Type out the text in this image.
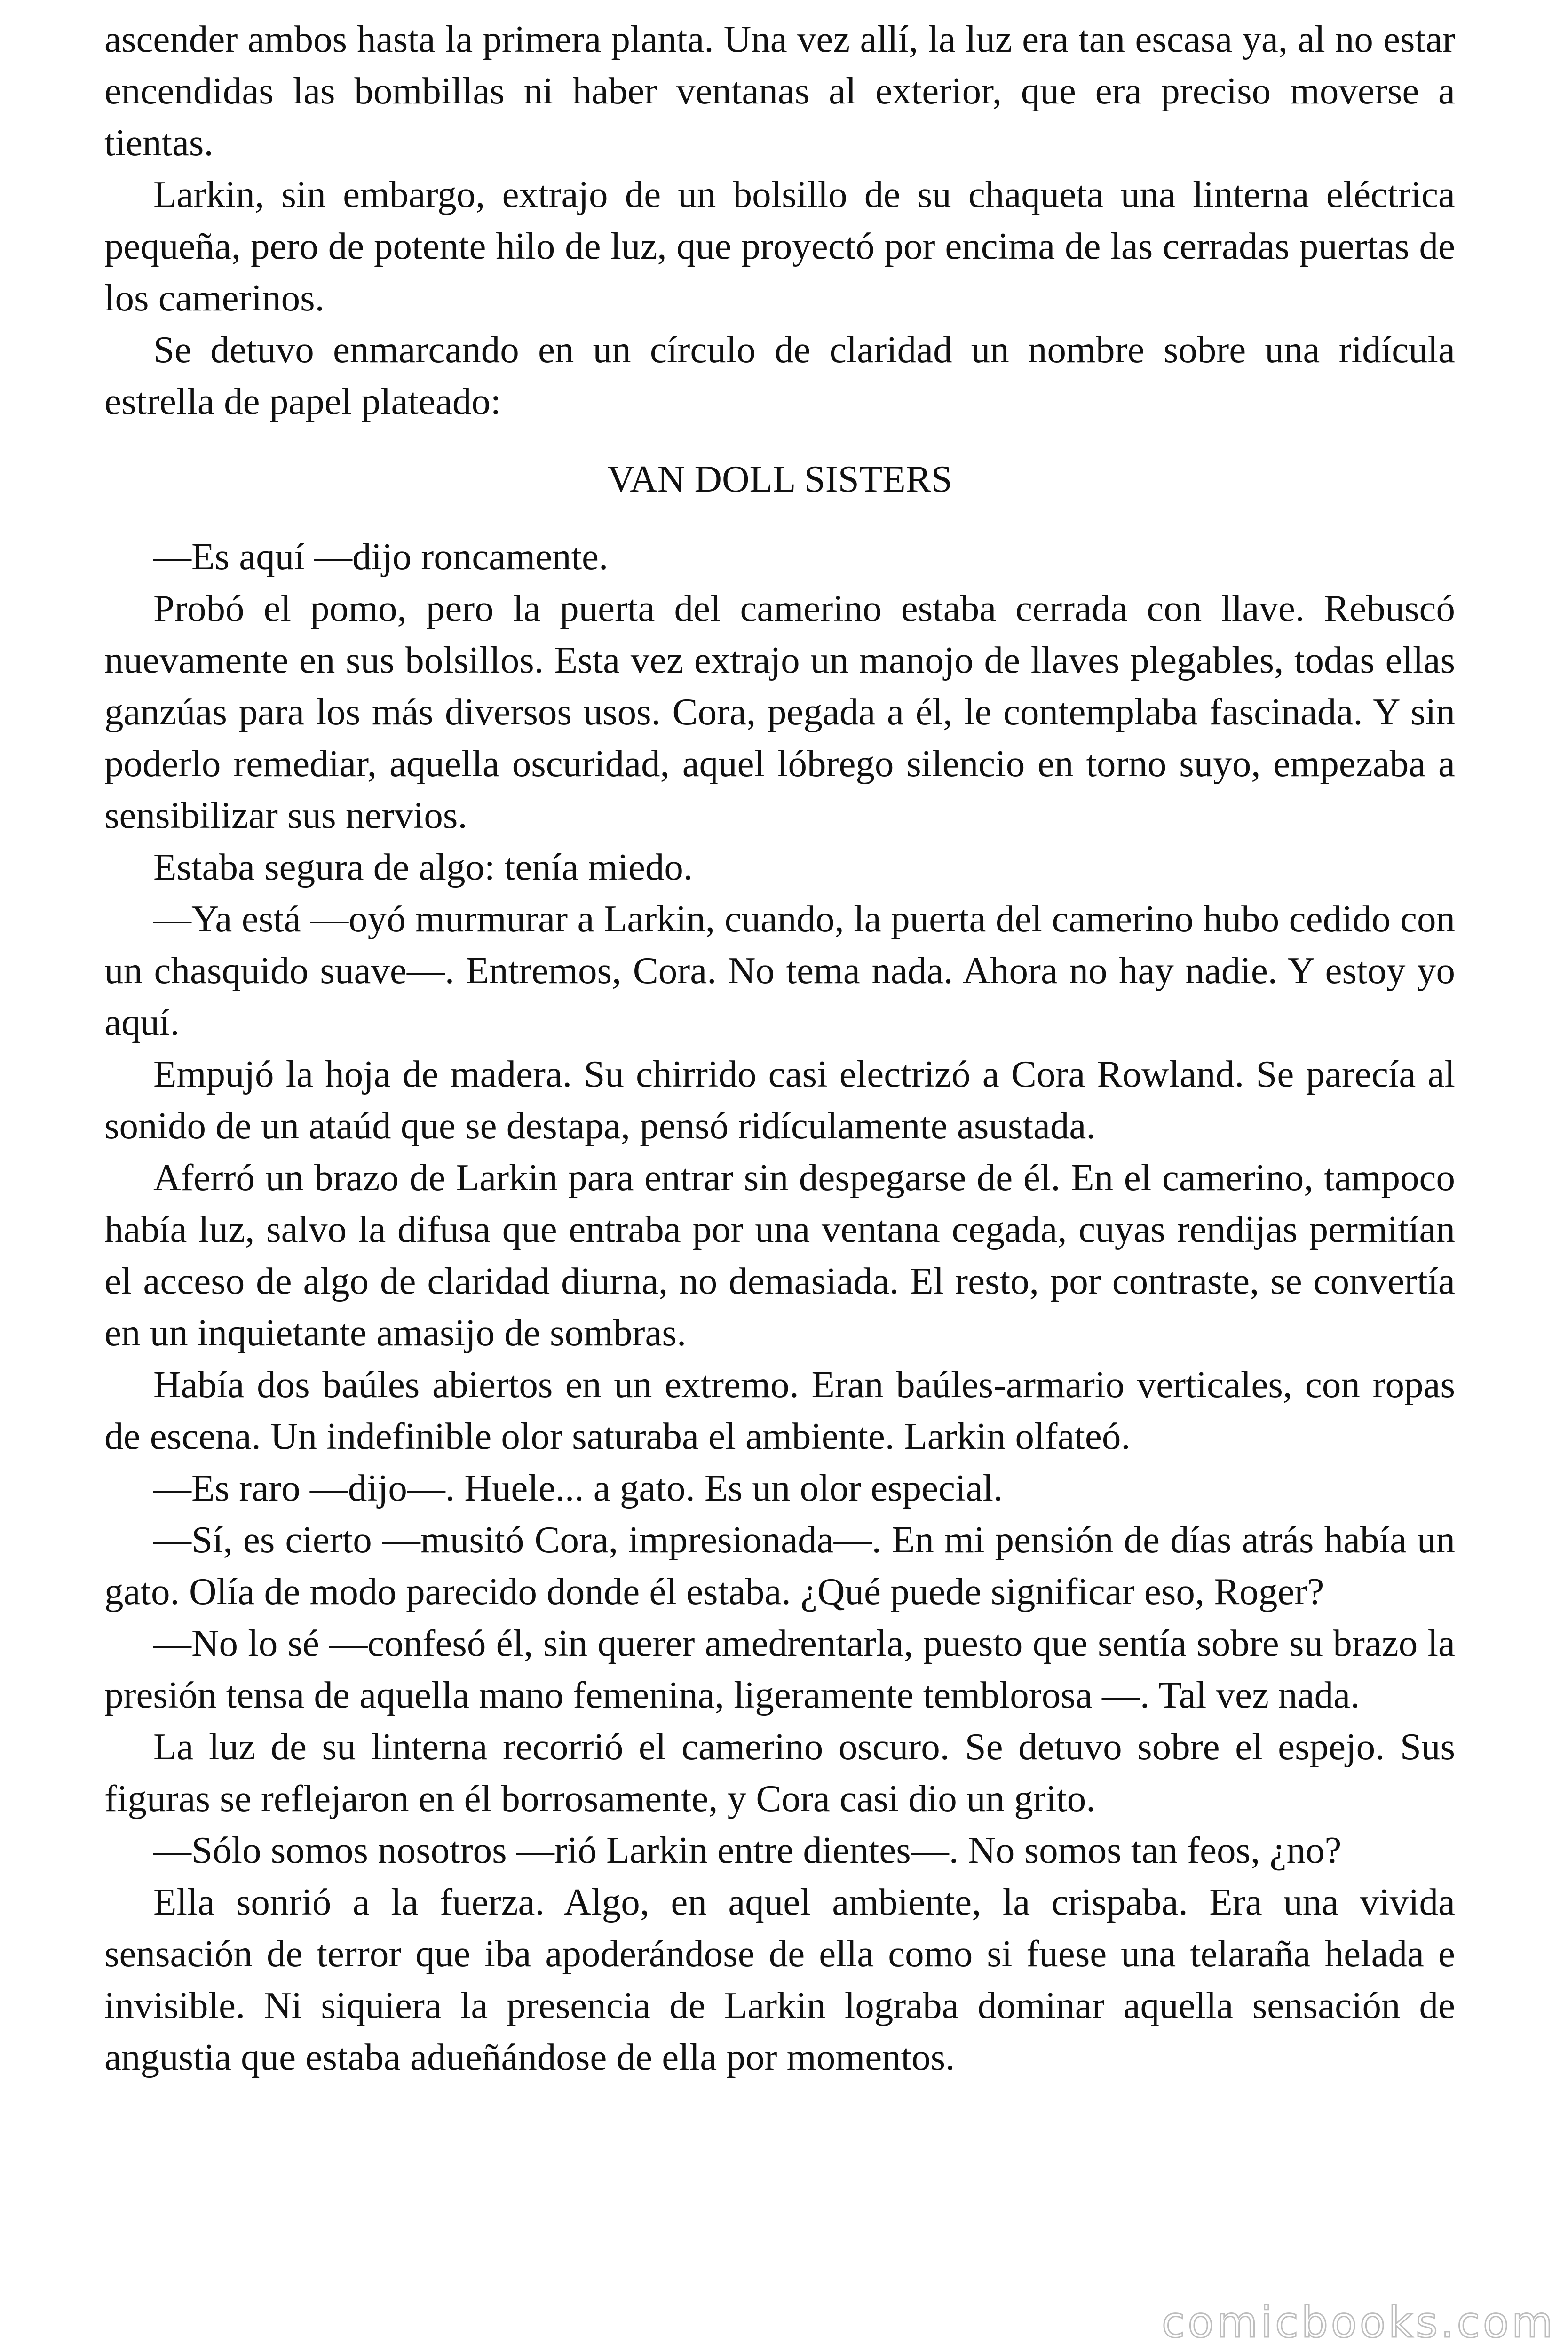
ascender ambos hasta la primera planta. Una vez allí, la luz era tan escasa ya, al no estar encendidas las bombillas ni haber ventanas al exterior, que era preciso moverse a tientas.

Larkin, sin embargo, extrajo de un bolsillo de su chaqueta una linterna eléctrica pequeña, pero de potente hilo de luz, que proyectó por encima de las cerradas puertas de los camerinos.

Se detuvo enmarcando en un círculo de claridad un nombre sobre una ridícula estrella de papel plateado:

VAN DOLL SISTERS

—Es aquí —dijo roncamente.

Probó el pomo, pero la puerta del camerino estaba cerrada con llave. Rebuscó nuevamente en sus bolsillos. Esta vez extrajo un manojo de llaves plegables, todas ellas ganzúas para los más diversos usos. Cora, pegada a él, le contemplaba fascinada. Y sin poderlo remediar, aquella oscuridad, aquel lóbrego silencio en torno suyo, empezaba a sensibilizar sus nervios.

Estaba segura de algo: tenía miedo.

—Ya está —oyó murmurar a Larkin, cuando, la puerta del camerino hubo cedido con un chasquido suave—. Entremos, Cora. No tema nada. Ahora no hay nadie. Y estoy yo aquí.

Empujó la hoja de madera. Su chirrido casi electrizó a Cora Rowland. Se parecía al sonido de un ataúd que se destapa, pensó ridículamente asustada.

Aferró un brazo de Larkin para entrar sin despegarse de él. En el camerino, tampoco había luz, salvo la difusa que entraba por una ventana cegada, cuyas rendijas permitían el acceso de algo de claridad diurna, no demasiada. El resto, por contraste, se convertía en un inquietante amasijo de sombras.

Había dos baúles abiertos en un extremo. Eran baúles-armario verticales, con ropas de escena. Un indefinible olor saturaba el ambiente. Larkin olfateó.

—Es raro —dijo—. Huele... a gato. Es un olor especial.

—Sí, es cierto —musitó Cora, impresionada—. En mi pensión de días atrás había un gato. Olía de modo parecido donde él estaba. ¿Qué puede significar eso, Roger?

—No lo sé —confesó él, sin querer amedrentarla, puesto que sentía sobre su brazo la presión tensa de aquella mano femenina, ligeramente temblorosa —. Tal vez nada.

La luz de su linterna recorrió el camerino oscuro. Se detuvo sobre el espejo. Sus figuras se reflejaron en él borrosamente, y Cora casi dio un grito.

—Sólo somos nosotros —rió Larkin entre dientes—. No somos tan feos, ¿no?

Ella sonrió a la fuerza. Algo, en aquel ambiente, la crispaba. Era una vivida sensación de terror que iba apoderándose de ella como si fuese una telaraña helada e invisible. Ni siquiera la presencia de Larkin lograba dominar aquella sensación de angustia que estaba adueñándose de ella por momentos.

comicbooks.com
